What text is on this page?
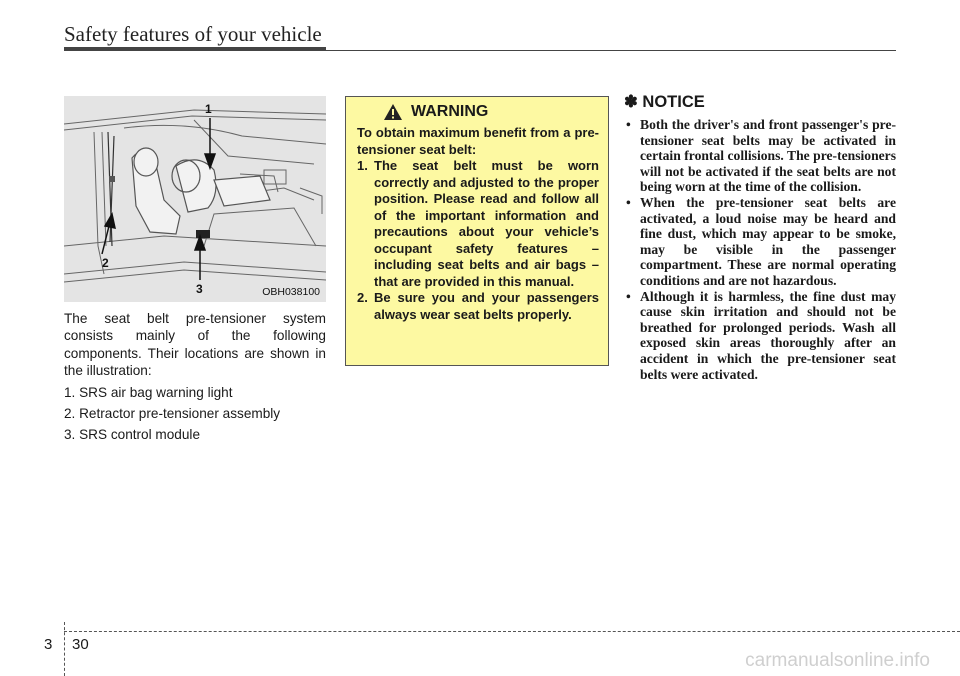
Safety features of your vehicle
1
2
3	OBH038100

The seat belt pre-tensioner system consists mainly of the following components. Their locations are shown in the illustration:

1. SRS air bag warning light
2. Retractor pre-tensioner assembly
3. SRS control module
WARNING

To obtain maximum benefit from a pre-tensioner seat belt:

1. The seat belt must be worn correctly and adjusted to the proper position. Please read and follow all of the important information and precautions about your vehicle’s occupant safety features – including seat belts and air bags – that are provided in this manual.
2. Be sure you and your passengers always wear seat belts properly.
✽ NOTICE
• Both the driver's and front passenger's pre-tensioner seat belts may be activated in certain frontal collisions. The pre-tensioners will not be activated if the seat belts are not being worn at the time of the collision.
• When the pre-tensioner seat belts are activated, a loud noise may be heard and fine dust, which may appear to be smoke, may be visible in the passenger compartment. These are normal operating conditions and are not hazardous.
• Although it is harmless, the fine dust may cause skin irritation and should not be breathed for prolonged periods. Wash all exposed skin areas thoroughly after an accident in which the pre-tensioner seat belts were activated.
3 30
carmanualsonline.info
